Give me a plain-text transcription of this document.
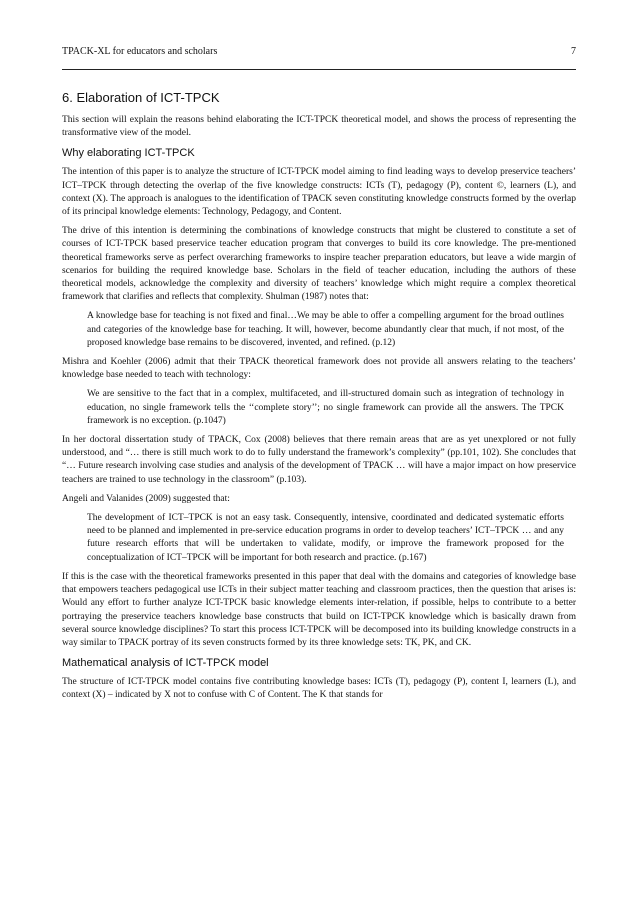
TPACK-XL for educators and scholars	7
6. Elaboration of ICT-TPCK

This section will explain the reasons behind elaborating the ICT-TPCK theoretical model, and shows the process of representing the transformative view of the model.

Why elaborating ICT-TPCK

The intention of this paper is to analyze the structure of ICT-TPCK model aiming to find leading ways to develop preservice teachers’ ICT–TPCK through detecting the overlap of the five knowledge constructs: ICTs (T), pedagogy (P), content ©, learners (L), and context (X). The approach is analogues to the identification of TPACK seven constituting knowledge constructs formed by the overlap of its principal knowledge elements: Technology, Pedagogy, and Content.

The drive of this intention is determining the combinations of knowledge constructs that might be clustered to constitute a set of courses of ICT-TPCK based preservice teacher education program that converges to build its core knowledge. The pre-mentioned theoretical frameworks serve as perfect overarching frameworks to inspire teacher preparation educators, but leave a wide margin of scenarios for building the required knowledge base. Scholars in the field of teacher education, including the authors of these theoretical models, acknowledge the complexity and diversity of teachers’ knowledge which might require a complex theoretical framework that clarifies and reflects that complexity. Shulman (1987) notes that:

A knowledge base for teaching is not fixed and final…We may be able to offer a compelling argument for the broad outlines and categories of the knowledge base for teaching. It will, however, become abundantly clear that much, if not most, of the proposed knowledge base remains to be discovered, invented, and refined. (p.12)

Mishra and Koehler (2006) admit that their TPACK theoretical framework does not provide all answers relating to the teachers’ knowledge base needed to teach with technology:

We are sensitive to the fact that in a complex, multifaceted, and ill-structured domain such as integration of technology in education, no single framework tells the ‘‘complete story’’; no single framework can provide all the answers. The TPCK framework is no exception. (p.1047)

In her doctoral dissertation study of TPACK, Cox (2008) believes that there remain areas that are as yet unexplored or not fully understood, and “… there is still much work to do to fully understand the framework’s complexity” (pp.101, 102). She concludes that “… Future research involving case studies and analysis of the development of TPACK … will have a major impact on how preservice teachers are trained to use technology in the classroom” (p.103).

Angeli and Valanides (2009) suggested that:

The development of ICT–TPCK is not an easy task. Consequently, intensive, coordinated and dedicated systematic efforts need to be planned and implemented in pre-service education programs in order to develop teachers’ ICT–TPCK … and any future research efforts that will be undertaken to validate, modify, or improve the framework proposed for the conceptualization of ICT–TPCK will be important for both research and practice. (p.167)

If this is the case with the theoretical frameworks presented in this paper that deal with the domains and categories of knowledge base that empowers teachers pedagogical use ICTs in their subject matter teaching and classroom practices, then the question that arises is: Would any effort to further analyze ICT-TPCK basic knowledge elements inter-relation, if possible, helps to contribute to a better portraying the preservice teachers knowledge base constructs that build on ICT-TPCK knowledge which is basically drawn from several source knowledge disciplines? To start this process ICT-TPCK will be decomposed into its building knowledge constructs in a way similar to TPACK portray of its seven constructs formed by its three knowledge sets: TK, PK, and CK.

Mathematical analysis of ICT-TPCK model

The structure of ICT-TPCK model contains five contributing knowledge bases: ICTs (T), pedagogy (P), content I, learners (L), and context (X) – indicated by X not to confuse with C of Content. The K that stands for
